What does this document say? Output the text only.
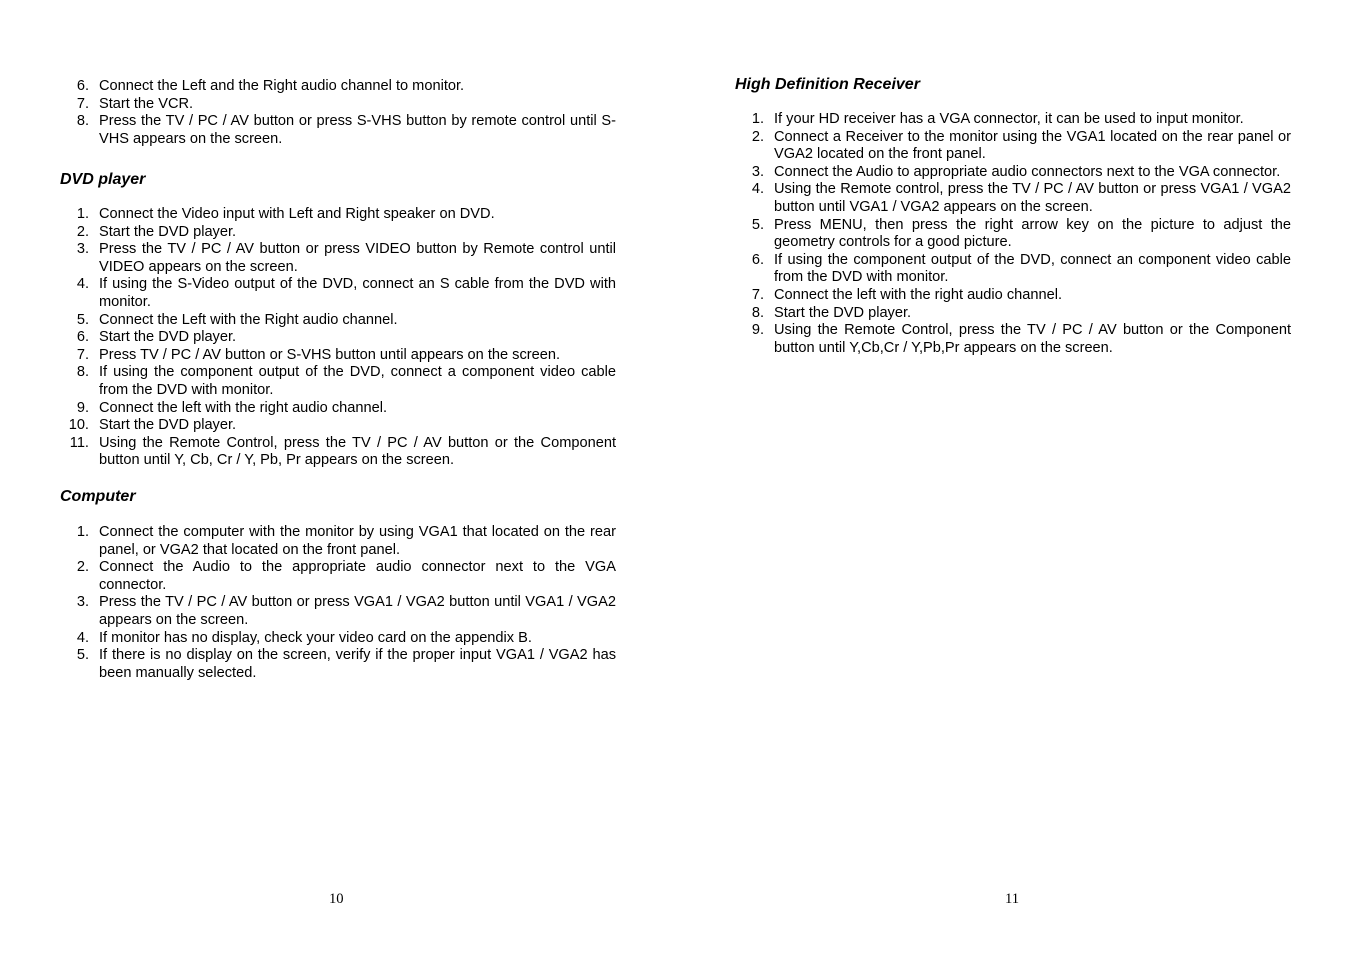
6. Connect the Left and the Right audio channel to monitor.
7. Start the VCR.
8. Press the TV / PC / AV button or press S-VHS button by remote control until S-VHS appears on the screen.
DVD player
1. Connect the Video input with Left and Right speaker on DVD.
2. Start the DVD player.
3. Press the TV / PC / AV button or press VIDEO button by Remote control until VIDEO appears on the screen.
4. If using the S-Video output of the DVD, connect an S cable from the DVD with monitor.
5. Connect the Left with the Right audio channel.
6. Start the DVD player.
7. Press TV / PC / AV button or S-VHS button until appears on the screen.
8. If using the component output of the DVD, connect a component video cable from the DVD with monitor.
9. Connect the left with the right audio channel.
10. Start the DVD player.
11. Using the Remote Control, press the TV / PC / AV button or the Component button until Y, Cb, Cr / Y, Pb, Pr appears on the screen.
Computer
1. Connect the computer with the monitor by using VGA1 that located on the rear panel, or VGA2 that located on the front panel.
2. Connect the Audio to the appropriate audio connector next to the VGA connector.
3. Press the TV / PC / AV button or press VGA1 / VGA2 button until VGA1 / VGA2 appears on the screen.
4. If monitor has no display, check your video card on the appendix B.
5. If there is no display on the screen, verify if the proper input VGA1 / VGA2 has been manually selected.
10
High Definition Receiver
1. If your HD receiver has a VGA connector, it can be used to input monitor.
2. Connect a Receiver to the monitor using the VGA1 located on the rear panel or VGA2 located on the front panel.
3. Connect the Audio to appropriate audio connectors next to the VGA connector.
4. Using the Remote control, press the TV / PC / AV button or press VGA1 / VGA2 button until VGA1 / VGA2 appears on the screen.
5. Press MENU, then press the right arrow key on the picture to adjust the geometry controls for a good picture.
6. If using the component output of the DVD, connect an component video cable from the DVD with monitor.
7. Connect the left with the right audio channel.
8. Start the DVD player.
9. Using the Remote Control, press the TV / PC / AV button or the Component button until Y,Cb,Cr / Y,Pb,Pr appears on the screen.
11
